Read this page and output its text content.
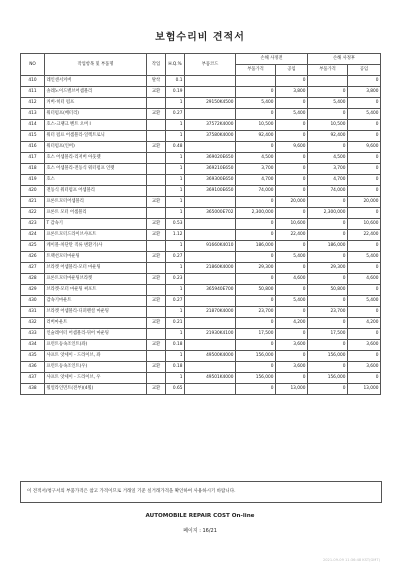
보험수리비 견적서
NO	작업항목 및 부품명	작업	H.Q.%	부품코드	손해 사정전		손해 사정후	
					부품가격	공임	부품가격	공임
410	레인센서커버	탈착	0.1			0		0
411	솔레노이드밸브어셈블리	교환	0.19		0	3,800	0	3,800
412	커버-히터 펌프		1	29150K4500	5,400	0	5,400	0
413	워터펌프(배터리)	교환	0.27		0	5,400	0	5,400
414	호스-크랭크 벤트 오버 I		1	37572K4000	10,500	0	10,500	0
415	워터 펌프 어셈블리-일렉트로닉		1	37580K4000	92,400	0	92,400	0
416	워터펌프(인버)	교환	0.48		0	9,600	0	9,600
417	호스 어셈블리-리저버 아웃렛		1	369020E650	4,500	0	4,500	0
418	호스 어셈블리-전동식 워터펌프 인렛		1	369210E650	3,700	0	3,700	0
419	호스		1	369300E650	4,700	0	4,700	0
420	전동식 워터펌프 어셈블리		1	369100E650	74,000	0	74,000	0
421	프론트모터어셈블리	교환	1		0	20,000	0	20,000
422	프론트 모터 어셈블리		1	365000E702	2,300,000	0	2,300,000	0
423	T 감속기	교환	0.53		0	10,600	0	10,600
424	프론트모터드라이브샤프트	교환	1.12		0	22,400	0	22,400
425	케이블-차단탄 직류 변환기(사		1	91660K4010	186,000	0	186,000	0
426	트랙션모터마운팅	교환	0.27		0	5,400	0	5,400
427	브라켓 어셈블리-모터 마운팅		1	21860K4000	29,300	0	29,300	0
428	프론트모터마운팅브라켓	교환	0.23		0	4,600	0	4,600
429	브라켓-모터 마운팅 써포트		1	365940E700	50,800	0	50,800	0
430	감속기마운트	교환	0.27		0	5,400	0	5,400
431	브라켓 어셈블리-디퍼렌셜 마운팅		1	21870K4000	23,700	0	23,700	0
432	러버마운트	교환	0.21		0	4,200	0	4,200
433	인슐레이터 어셈블리-뒤어 마운팅		1	21930K4100	17,500	0	17,500	0
434	프런트등속조인트(좌)	교환	0.18		0	3,600	0	3,600
435	샤프트 앗세이 - 드라이브, 좌		1	49500K4000	156,000	0	156,000	0
436	프런트등속조인트(우)	교환	0.18		0	3,600	0	3,600
437	샤프트 앗세이 - 드라이브, 우		1	49501K4000	156,000	0	156,000	0
438	휠얼라인먼트(전부)(4휠)	교환	0.65		0	13,000	0	13,000
이 견적서/청구서의 부품가격은 참고 가격이므로 거래일 기준 실거래가격을 확인하여 사용하시기 바랍니다.
AUTOMOBILE REPAIR COST On-line
페이지 : 16/21
2021-09-09 11:36:48 KST(GMT)
